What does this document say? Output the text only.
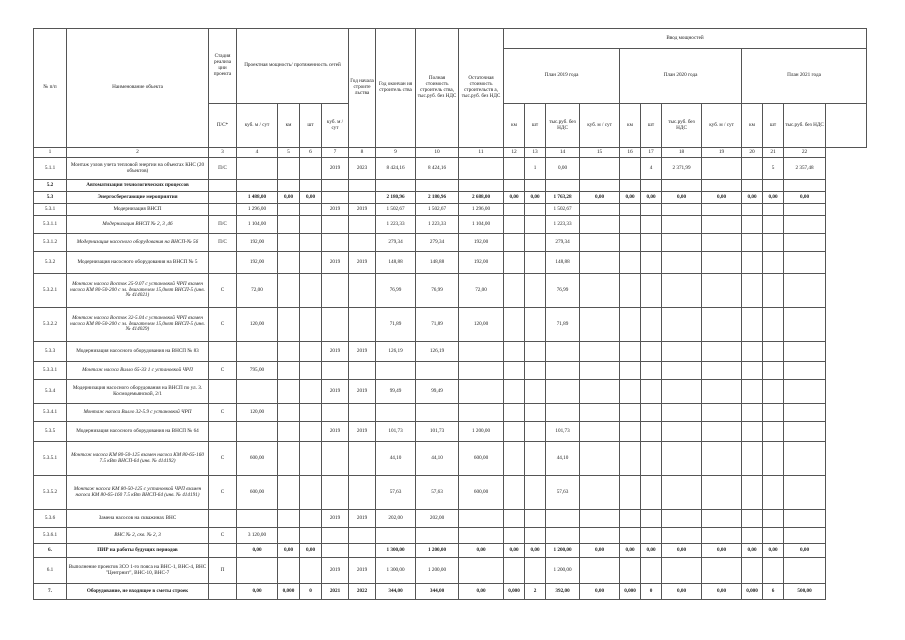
№ п/п	Наименование объекта	Стадия реализа ции проекта	Проектная мощность/ протяженность сетей				Год начала строите льства	Год окончан ия строитель ства	Полная стоимость строитель ства, тыс.руб. без НДС	Остаточная стоимость строительств а, тыс.руб. без НДС	Ввод мощностей											
											План 2019 года				План 2020 года				План 2021 года			
		П/С*	куб. м / сут	км	шт	куб. м / сут					км	шт	тыс.руб. без НДС	куб. м / сут	км	шт	тыс.руб. без НДС	куб. м / сут	км	шт	тыс.руб. без НДС	
1	2	3	4	5	6	7	8	9	10	11	12	13	14	15	16	17	18	19	20	21	22	
5.1.1	Монтаж узлов учета тепловой энергии на объектах КНС (20 объектов)	П/С				2019	2023	8 424,16	8 424,16			1	0,00			4	2 371,99			5	2 357,48	
5.2	Автоматизация технологических процессов																					
5.3	Энергосберегающие мероприятия		1 488,00	0,00	0,00			2 180,96	2 180,96	2 688,00	0,00	0,00	1 763,28	0,00	0,00	0,00	0,00	0,00	0,00	0,00	0,00	
5.3.1	Модернизация ВНСП		1 296,00			2019	2019	1 502,67	1 502,67	1 296,00			1 502,67									
5.3.1.1	Модернизация ВНСП № 2, 3 ,46	П/С	1 104,00					1 223,33	1 223,33	1 104,00			1 223,33									
5.3.1.2	Модернизация насосного оборудования на ВНСП-№ 56	П/С	192,00					279,34	279,34	192,00			279,34									
5.3.2	Модернизация насосного оборудования на ВНСП № 5		192,00			2019	2019	148,88	148,88	192,00			148,88									
5.3.2.1	Монтаж насоса Восток 25-9.07 с установкой ЧРП взамен насоса КМ 80-50-200 с эл. двигателем 15,0квт ВНСП-5 (инв. № 414021)	С	72,00					76,99	76,99	72,00			76,99									
5.3.2.2	Монтаж насоса Восток 32-5.04 с установкой ЧРП взамен насоса КМ 80-50-200 с эл. двигателем 15,0квт ВНСП-5 (инв. № 414029)	С	120,00					71,89	71,89	120,00			71,89									
5.3.3	Модернизация насосного оборудования на ВНСП № 83					2019	2019	126,19	126,19													
5.3.3.1	Монтаж насоса Вилло 65-33 1 с установкой ЧРП	С	795,00																			
5.3.4	Модернизация насосного оборудования на ВНСП по ул. З. Космодемьянской, 2/1					2019	2019	99,49	99,49													
5.3.4.1	Монтаж насоса Вилло 32-5.9 с установкой ЧРП	С	120,00																			
5.3.5	Модернизация насосного оборудования на ВНСП № 64					2019	2019	101,73	101,73	1 200,00			101,73									
5.3.5.1	Монтаж насоса КМ 80-50-125 взамен насоса КМ 80-65-160 7.5 кВт ВНСП-64 (инв. № 414192)	С	600,00					44,10	44,10	600,00			44,10									
5.3.5.2	Монтаж насоса КМ 80-50-125 с установкой ЧРП взамен насоса КМ 80-65-160 7.5 кВт ВНСП-64 (инв. № 414191)	С	600,00					57,63	57,63	600,00			57,63									
5.3.6	Замена насосов на скважинах ВНС					2019	2019	202,00	202,00													
5.3.6.1	ВНС № 2, скв. № 2, 3	С	3 120,00																			
6.	ПИР на работы будущих периодов		0,00	0,00	0,00			1 300,00	1 200,00	0,00	0,00	0,00	1 200,00	0,00	0,00	0,00	0,00	0,00	0,00	0,00	0,00	
6.1	Выполнение проектов ЗСО 1-го пояса на ВНС-1, ВНС-4, ВНС "Центрнит", ВНС-10, ВНС-7	П				2019	2019	1 300,00	1 200,00				1 200,00									
7.	Оборудование, не входящее в сметы строек		0,00	0,000	0	2021	2022	344,00	344,00	0,00	0,000	2	392,00	0,00	0,000	0	0,00	0,00	0,000	6	500,00	
